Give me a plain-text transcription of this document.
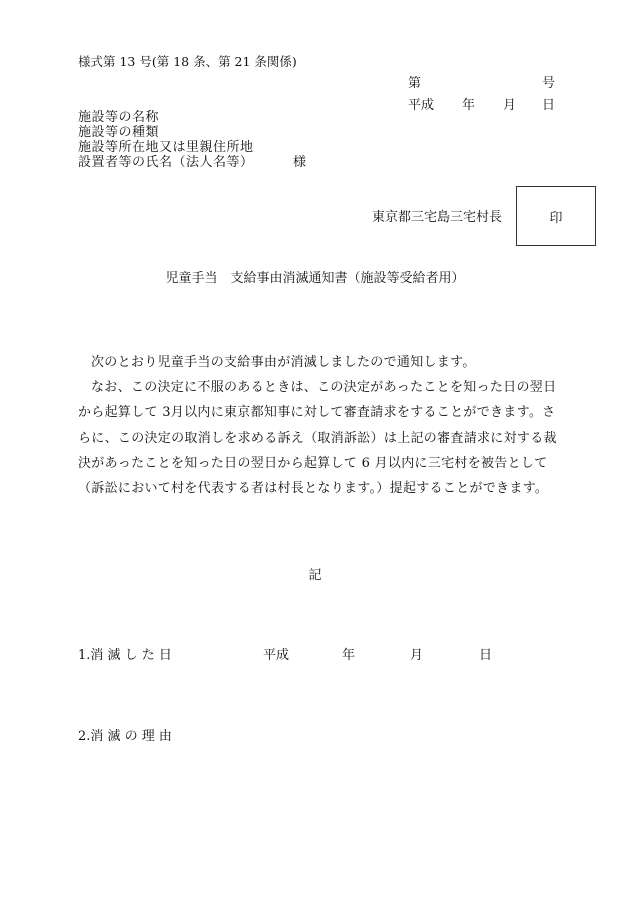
様式第 13 号(第 18 条、第 21 条関係)
第	号
平成 年 月 日
施設等の名称
施設等の種類
施設等所在地又は里親住所地
設置者等の氏名（法人名等）	様
東京都三宅島三宅村長	印
児童手当　支給事由消滅通知書（施設等受給者用）

次のとおり児童手当の支給事由が消滅しましたので通知します。

なお、この決定に不服のあるときは、この決定があったことを知った日の翌日から起算して 3月以内に東京都知事に対して審査請求をすることができます。さらに、この決定の取消しを求める訴え（取消訴訟）は上記の審査請求に対する裁決があったことを知った日の翌日から起算して 6 月以内に三宅村を被告として（訴訟において村を代表する者は村長となります。）提起することができます。

記
1.消 滅 し た 日	平成	年	月	日
2.消 滅 の 理 由
